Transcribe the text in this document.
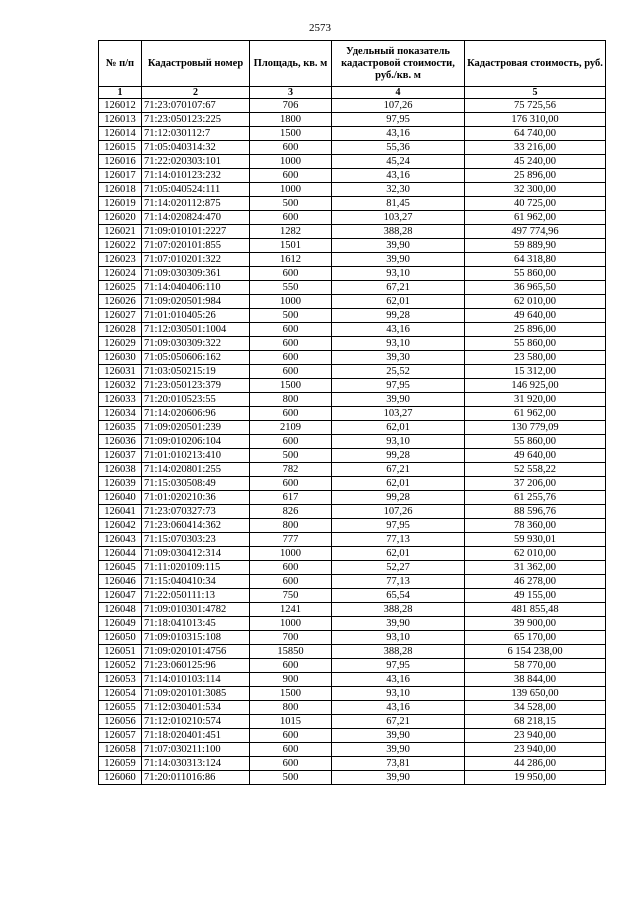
2573
№ п/п	Кадастровый номер	Площадь, кв. м	Удельный показатель кадастровой стоимости, руб./кв. м	Кадастровая стоимость, руб.
1	2	3	4	5
126012	71:23:070107:67	706	107,26	75 725,56
126013	71:23:050123:225	1800	97,95	176 310,00
126014	71:12:030112:7	1500	43,16	64 740,00
126015	71:05:040314:32	600	55,36	33 216,00
126016	71:22:020303:101	1000	45,24	45 240,00
126017	71:14:010123:232	600	43,16	25 896,00
126018	71:05:040524:111	1000	32,30	32 300,00
126019	71:14:020112:875	500	81,45	40 725,00
126020	71:14:020824:470	600	103,27	61 962,00
126021	71:09:010101:2227	1282	388,28	497 774,96
126022	71:07:020101:855	1501	39,90	59 889,90
126023	71:07:010201:322	1612	39,90	64 318,80
126024	71:09:030309:361	600	93,10	55 860,00
126025	71:14:040406:110	550	67,21	36 965,50
126026	71:09:020501:984	1000	62,01	62 010,00
126027	71:01:010405:26	500	99,28	49 640,00
126028	71:12:030501:1004	600	43,16	25 896,00
126029	71:09:030309:322	600	93,10	55 860,00
126030	71:05:050606:162	600	39,30	23 580,00
126031	71:03:050215:19	600	25,52	15 312,00
126032	71:23:050123:379	1500	97,95	146 925,00
126033	71:20:010523:55	800	39,90	31 920,00
126034	71:14:020606:96	600	103,27	61 962,00
126035	71:09:020501:239	2109	62,01	130 779,09
126036	71:09:010206:104	600	93,10	55 860,00
126037	71:01:010213:410	500	99,28	49 640,00
126038	71:14:020801:255	782	67,21	52 558,22
126039	71:15:030508:49	600	62,01	37 206,00
126040	71:01:020210:36	617	99,28	61 255,76
126041	71:23:070327:73	826	107,26	88 596,76
126042	71:23:060414:362	800	97,95	78 360,00
126043	71:15:070303:23	777	77,13	59 930,01
126044	71:09:030412:314	1000	62,01	62 010,00
126045	71:11:020109:115	600	52,27	31 362,00
126046	71:15:040410:34	600	77,13	46 278,00
126047	71:22:050111:13	750	65,54	49 155,00
126048	71:09:010301:4782	1241	388,28	481 855,48
126049	71:18:041013:45	1000	39,90	39 900,00
126050	71:09:010315:108	700	93,10	65 170,00
126051	71:09:020101:4756	15850	388,28	6 154 238,00
126052	71:23:060125:96	600	97,95	58 770,00
126053	71:14:010103:114	900	43,16	38 844,00
126054	71:09:020101:3085	1500	93,10	139 650,00
126055	71:12:030401:534	800	43,16	34 528,00
126056	71:12:010210:574	1015	67,21	68 218,15
126057	71:18:020401:451	600	39,90	23 940,00
126058	71:07:030211:100	600	39,90	23 940,00
126059	71:14:030313:124	600	73,81	44 286,00
126060	71:20:011016:86	500	39,90	19 950,00
